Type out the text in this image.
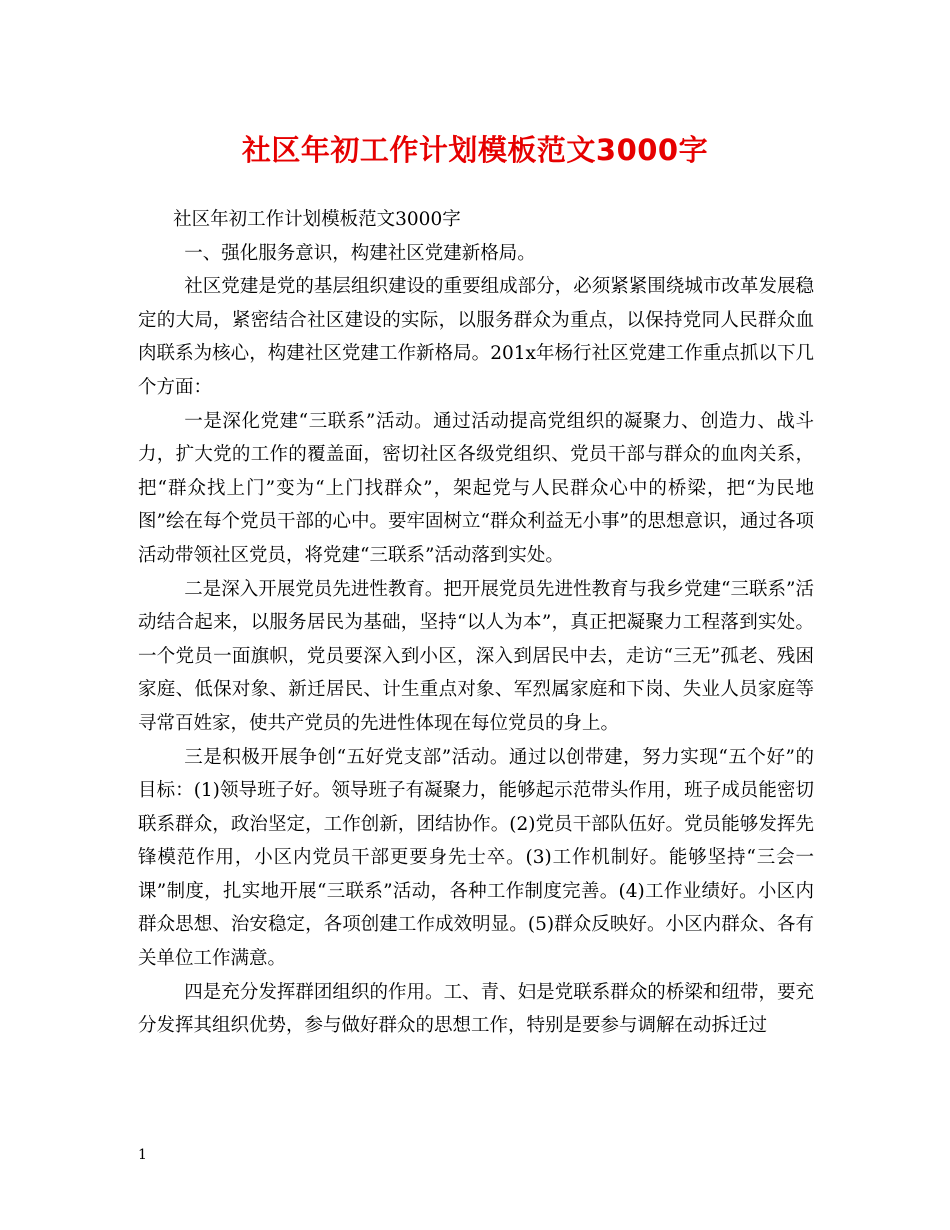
社区年初工作计划模板范文3000字

社区年初工作计划模板范文3000字

一、强化服务意识，构建社区党建新格局。

社区党建是党的基层组织建设的重要组成部分，必须紧紧围绕城市改革发展稳定的大局，紧密结合社区建设的实际，以服务群众为重点，以保持党同人民群众血肉联系为核心，构建社区党建工作新格局。201x年杨行社区党建工作重点抓以下几个方面：

一是深化党建“三联系”活动。通过活动提高党组织的凝聚力、创造力、战斗力，扩大党的工作的覆盖面，密切社区各级党组织、党员干部与群众的血肉关系，把“群众找上门”变为“上门找群众”，架起党与人民群众心中的桥梁，把“为民地图”绘在每个党员干部的心中。要牢固树立“群众利益无小事”的思想意识，通过各项活动带领社区党员，将党建“三联系”活动落到实处。

二是深入开展党员先进性教育。把开展党员先进性教育与我乡党建“三联系”活动结合起来，以服务居民为基础，坚持“以人为本”，真正把凝聚力工程落到实处。一个党员一面旗帜，党员要深入到小区，深入到居民中去，走访“三无”孤老、残困家庭、低保对象、新迁居民、计生重点对象、军烈属家庭和下岗、失业人员家庭等寻常百姓家，使共产党员的先进性体现在每位党员的身上。

三是积极开展争创“五好党支部”活动。通过以创带建，努力实现“五个好”的目标：(1)领导班子好。领导班子有凝聚力，能够起示范带头作用，班子成员能密切联系群众，政治坚定，工作创新，团结协作。(2)党员干部队伍好。党员能够发挥先锋模范作用，小区内党员干部更要身先士卒。(3)工作机制好。能够坚持“三会一课”制度，扎实地开展“三联系”活动，各种工作制度完善。(4)工作业绩好。小区内群众思想、治安稳定，各项创建工作成效明显。(5)群众反映好。小区内群众、各有关单位工作满意。

四是充分发挥群团组织的作用。工、青、妇是党联系群众的桥梁和纽带，要充分发挥其组织优势，参与做好群众的思想工作，特别是要参与调解在动拆迁过

1
